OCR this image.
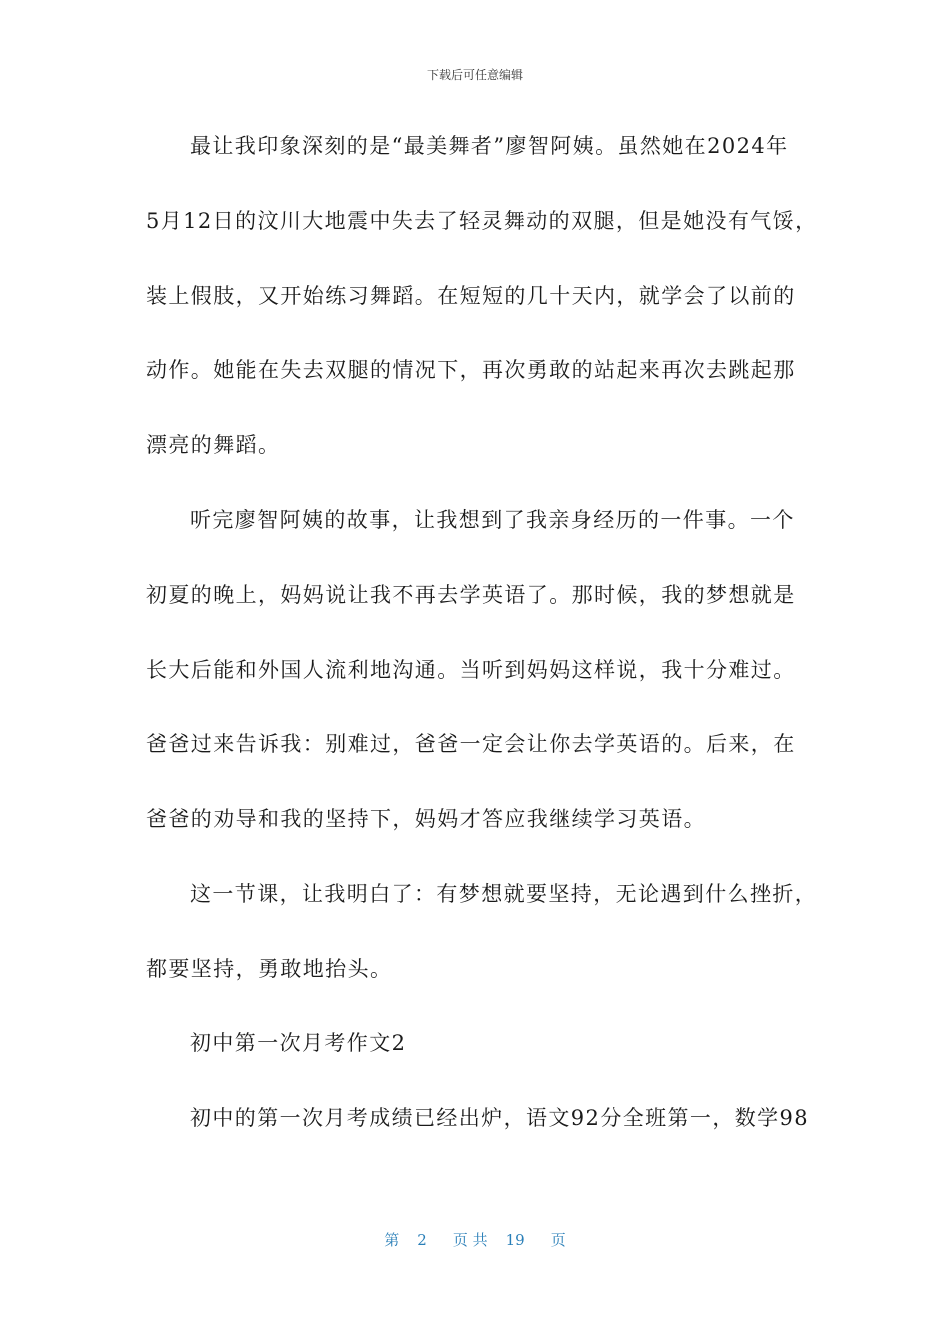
下载后可任意编辑
最让我印象深刻的是“最美舞者”廖智阿姨。虽然她在2024年
5月12日的汶川大地震中失去了轻灵舞动的双腿，但是她没有气馁，
装上假肢，又开始练习舞蹈。在短短的几十天内，就学会了以前的
动作。她能在失去双腿的情况下，再次勇敢的站起来再次去跳起那
漂亮的舞蹈。
听完廖智阿姨的故事，让我想到了我亲身经历的一件事。一个
初夏的晚上，妈妈说让我不再去学英语了。那时候，我的梦想就是
长大后能和外国人流利地沟通。当听到妈妈这样说，我十分难过。
爸爸过来告诉我：别难过，爸爸一定会让你去学英语的。后来，在
爸爸的劝导和我的坚持下，妈妈才答应我继续学习英语。
这一节课，让我明白了：有梦想就要坚持，无论遇到什么挫折，
都要坚持，勇敢地抬头。
初中第一次月考作文2
初中的第一次月考成绩已经出炉，语文92分全班第一，数学98
第 2 页 共 19 页
